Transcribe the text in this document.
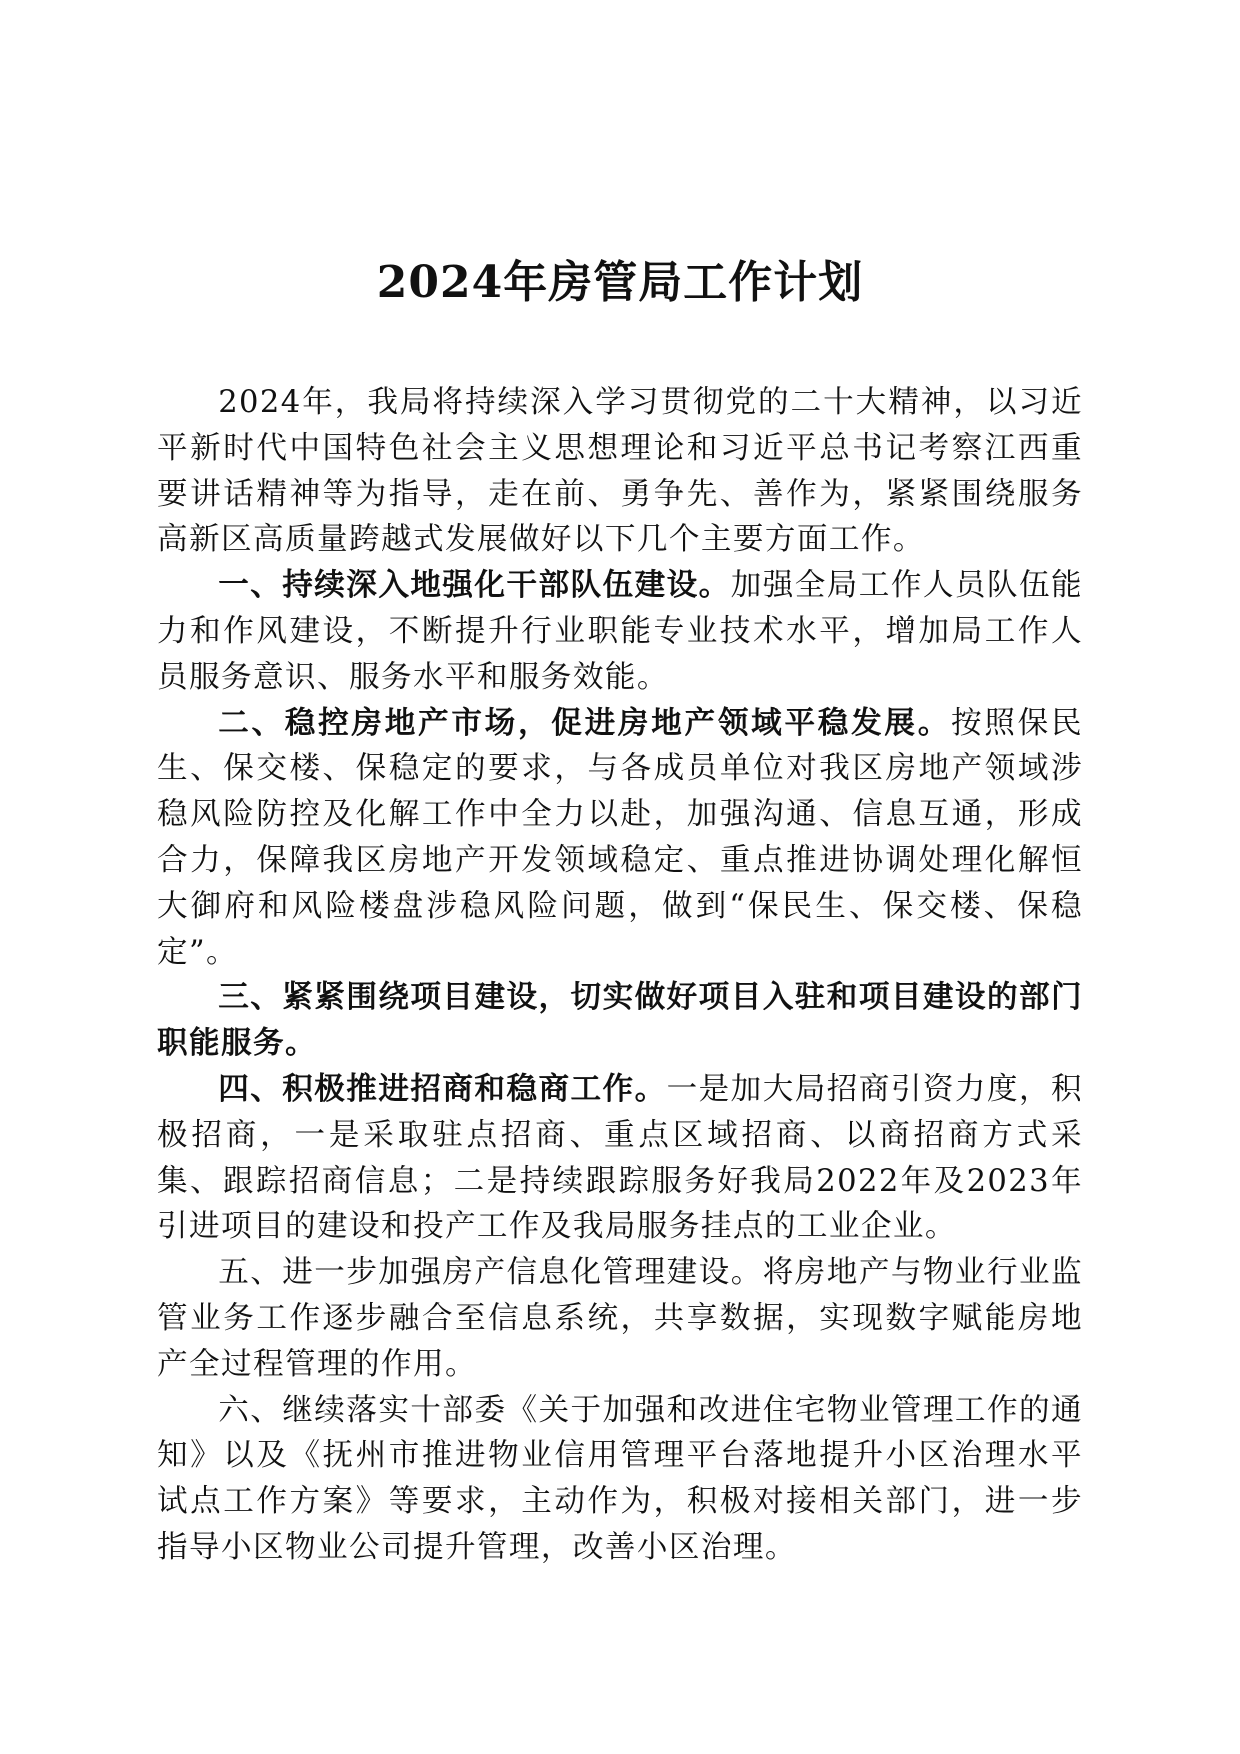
2024年房管局工作计划

2024年，我局将持续深入学习贯彻党的二十大精神，以习近平新时代中国特色社会主义思想理论和习近平总书记考察江西重要讲话精神等为指导，走在前、勇争先、善作为，紧紧围绕服务高新区高质量跨越式发展做好以下几个主要方面工作。

一、持续深入地强化干部队伍建设。加强全局工作人员队伍能力和作风建设，不断提升行业职能专业技术水平，增加局工作人员服务意识、服务水平和服务效能。

二、稳控房地产市场，促进房地产领域平稳发展。按照保民生、保交楼、保稳定的要求，与各成员单位对我区房地产领域涉稳风险防控及化解工作中全力以赴，加强沟通、信息互通，形成合力，保障我区房地产开发领域稳定、重点推进协调处理化解恒大御府和风险楼盘涉稳风险问题，做到“保民生、保交楼、保稳定”。

三、紧紧围绕项目建设，切实做好项目入驻和项目建设的部门职能服务。

四、积极推进招商和稳商工作。一是加大局招商引资力度，积极招商，一是采取驻点招商、重点区域招商、以商招商方式采集、跟踪招商信息；二是持续跟踪服务好我局2022年及2023年引进项目的建设和投产工作及我局服务挂点的工业企业。

五、进一步加强房产信息化管理建设。将房地产与物业行业监管业务工作逐步融合至信息系统，共享数据，实现数字赋能房地产全过程管理的作用。

六、继续落实十部委《关于加强和改进住宅物业管理工作的通知》以及《抚州市推进物业信用管理平台落地提升小区治理水平试点工作方案》等要求，主动作为，积极对接相关部门，进一步指导小区物业公司提升管理，改善小区治理。
